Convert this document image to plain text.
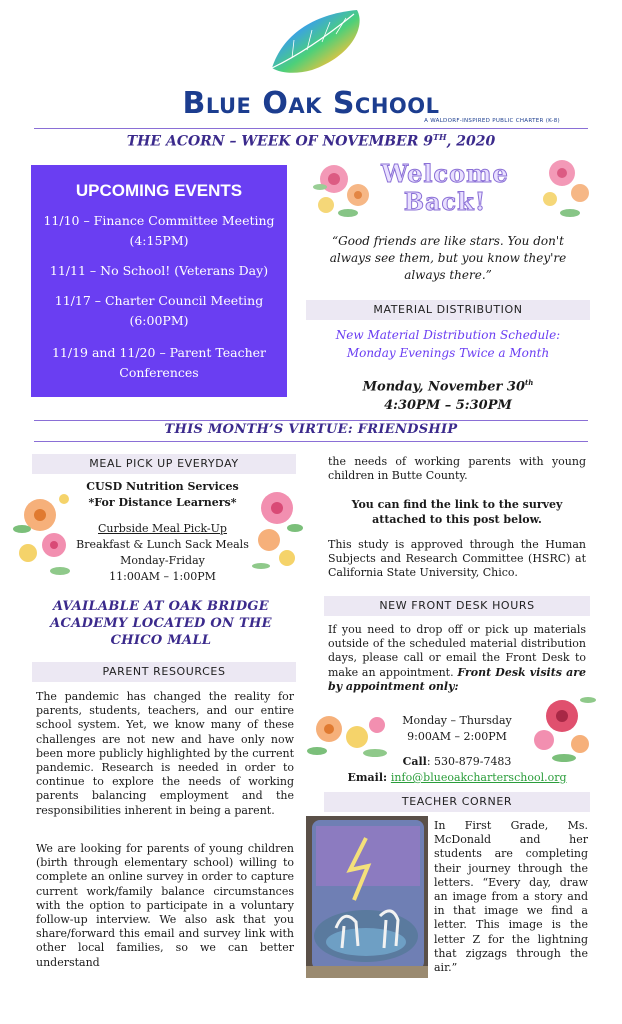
Blue Oak School
A WALDORF-INSPIRED PUBLIC CHARTER (K-8)
THE ACORN – WEEK OF NOVEMBER 9TH, 2020
UPCOMING EVENTS
11/10 – Finance Committee Meeting (4:15PM)
11/11 – No School! (Veterans Day)
11/17 – Charter Council Meeting (6:00PM)
11/19 and 11/20 – Parent Teacher Conferences
Welcome Back!
“Good friends are like stars. You don't always see them, but you know they're always there.”
MATERIAL DISTRIBUTION
New Material Distribution Schedule: Monday Evenings Twice a Month
Monday, November 30th
4:30PM – 5:30PM
THIS MONTH’S VIRTUE: FRIENDSHIP
MEAL PICK UP EVERYDAY
CUSD Nutrition Services
*For Distance Learners*
Curbside Meal Pick-Up
Breakfast & Lunch Sack Meals
Monday-Friday
11:00AM – 1:00PM
AVAILABLE AT OAK BRIDGE ACADEMY LOCATED ON THE CHICO MALL
PARENT RESOURCES
The pandemic has changed the reality for parents, students, teachers, and our entire school system. Yet, we know many of these challenges are not new and have only now been more publicly highlighted by the current pandemic. Research is needed in order to continue to explore the needs of working parents balancing employment and the responsibilities inherent in being a parent.
We are looking for parents of young children (birth through elementary school) willing to complete an online survey in order to capture current work/family balance circumstances with the option to participate in a voluntary follow-up interview. We also ask that you share/forward this email and survey link with other local families, so we can better understand
the needs of working parents with young children in Butte County.
You can find the link to the survey attached to this post below.
This study is approved through the Human Subjects and Research Committee (HSRC) at California State University, Chico.
NEW FRONT DESK HOURS
If you need to drop off or pick up materials outside of the scheduled material distribution days, please call or email the Front Desk to make an appointment. Front Desk visits are by appointment only:
Monday – Thursday
9:00AM – 2:00PM
Call: 530-879-7483
Email: info@blueoakcharterschool.org
TEACHER CORNER
In First Grade, Ms. McDonald and her students are completing their journey through the letters. “Every day, draw an image from a story and in that image we find a letter. This image is the letter Z for the lightning that zigzags through the air.”
